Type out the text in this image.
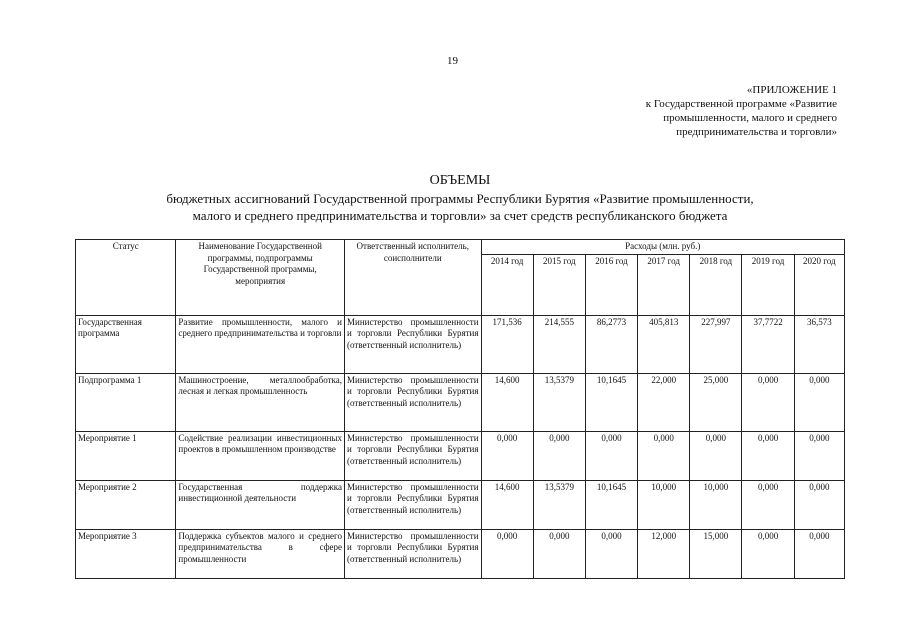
19
«ПРИЛОЖЕНИЕ 1
к Государственной программе «Развитие
промышленности, малого и среднего
предпринимательства и торговли»
ОБЪЕМЫ
бюджетных ассигнований Государственной программы Республики Бурятия «Развитие промышленности,
малого и среднего предпринимательства и торговли» за счет средств республиканского бюджета
Статус	Наименование Государственной программы, подпрограммы Государственной программы, мероприятия	Ответственный исполнитель, соисполнители	Расходы (млн. руб.)						
			2014 год	2015 год	2016 год	2017 год	2018 год	2019 год	2020 год
Государственная программа	Развитие промышленности, малого и среднего предпринимательства и торговли	Министерство промышленности и торговли Республики Бурятия (ответственный исполнитель)	171,536	214,555	86,2773	405,813	227,997	37,7722	36,573
Подпрограмма 1	Машиностроение, металлообработка, лесная и легкая промышленность	Министерство промышленности и торговли Республики Бурятия (ответственный исполнитель)	14,600	13,5379	10,1645	22,000	25,000	0,000	0,000
Мероприятие 1	Содействие реализации инвестиционных проектов в промышленном производстве	Министерство промышленности и торговли Республики Бурятия (ответственный исполнитель)	0,000	0,000	0,000	0,000	0,000	0,000	0,000
Мероприятие 2	Государственная поддержка инвестиционной деятельности	Министерство промышленности и торговли Республики Бурятия (ответственный исполнитель)	14,600	13,5379	10,1645	10,000	10,000	0,000	0,000
Мероприятие 3	Поддержка субъектов малого и среднего предпринимательства в сфере промышленности	Министерство промышленности и торговли Республики Бурятия (ответственный исполнитель)	0,000	0,000	0,000	12,000	15,000	0,000	0,000
